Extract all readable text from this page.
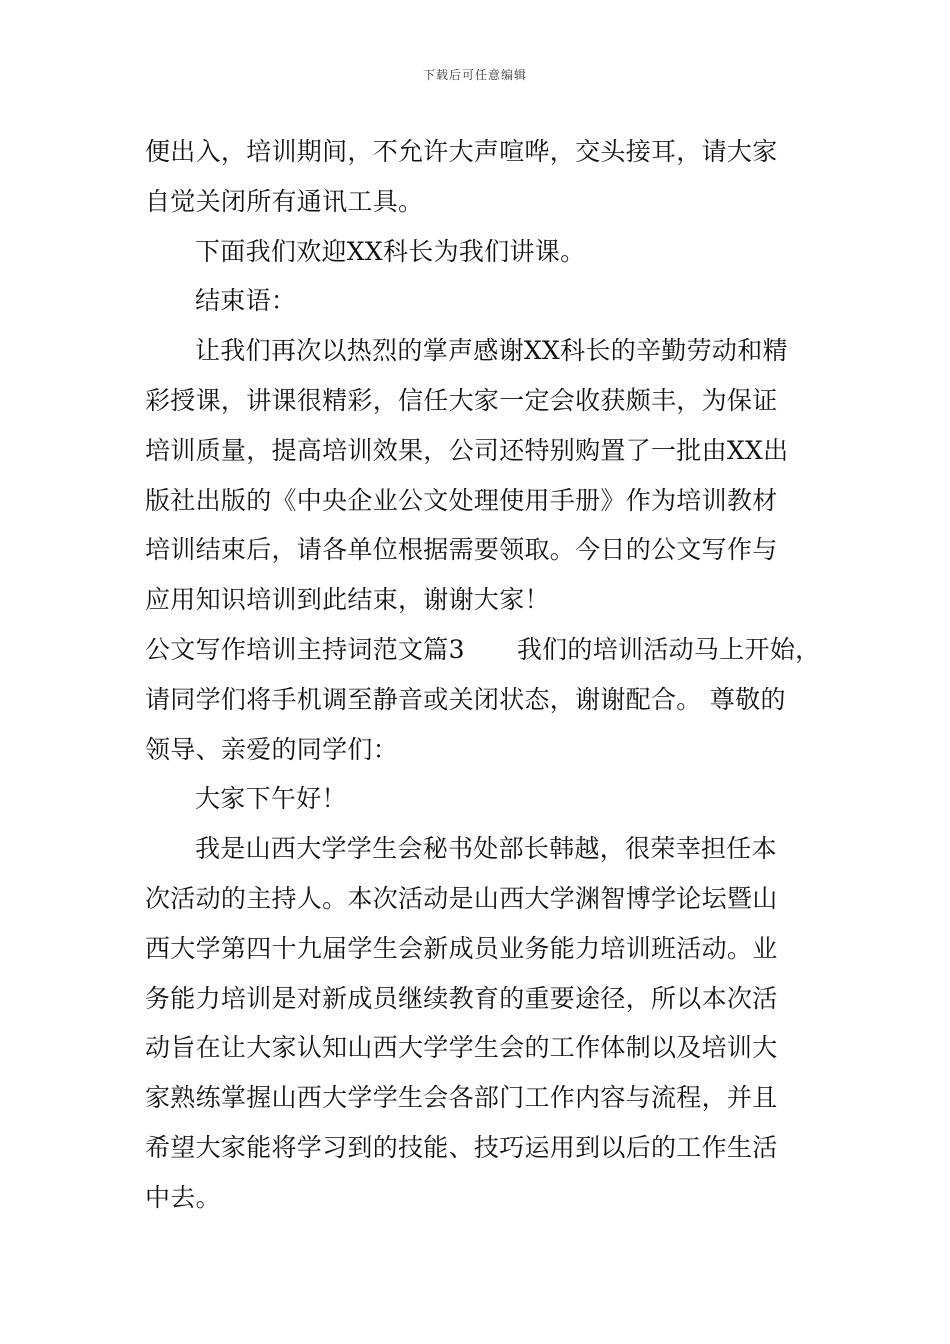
下载后可任意编辑
便出入，培训期间，不允许大声喧哗，交头接耳，请大家
自觉关闭所有通讯工具。
下面我们欢迎XX科长为我们讲课。
结束语：
让我们再次以热烈的掌声感谢XX科长的辛勤劳动和精
彩授课，讲课很精彩，信任大家一定会收获颇丰，为保证
培训质量，提高培训效果，公司还特别购置了一批由XX出
版社出版的《中央企业公文处理使用手册》作为培训教材
培训结束后，请各单位根据需要领取。今日的公文写作与
应用知识培训到此结束，谢谢大家！
公文写作培训主持词范文篇3 我们的培训活动马上开始，
请同学们将手机调至静音或关闭状态，谢谢配合。 尊敬的
领导、亲爱的同学们：
大家下午好！
我是山西大学学生会秘书处部长韩越，很荣幸担任本
次活动的主持人。本次活动是山西大学渊智博学论坛暨山
西大学第四十九届学生会新成员业务能力培训班活动。业
务能力培训是对新成员继续教育的重要途径，所以本次活
动旨在让大家认知山西大学学生会的工作体制以及培训大
家熟练掌握山西大学学生会各部门工作内容与流程，并且
希望大家能将学习到的技能、技巧运用到以后的工作生活
中去。
